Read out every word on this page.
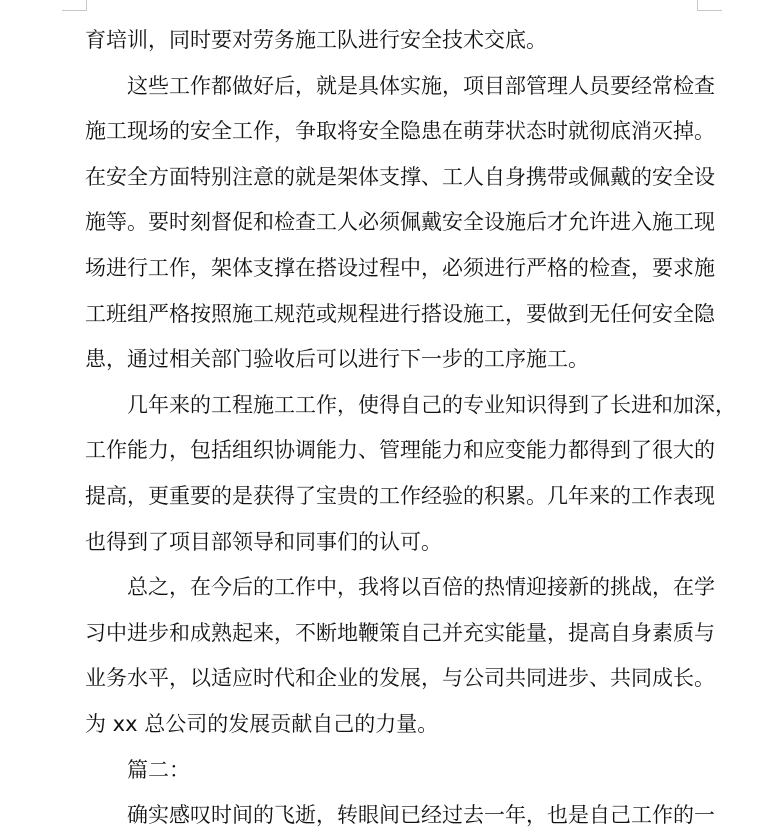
育培训，同时要对劳务施工队进行安全技术交底。
这些工作都做好后，就是具体实施，项目部管理人员要经常检查
施工现场的安全工作，争取将安全隐患在萌芽状态时就彻底消灭掉。
在安全方面特别注意的就是架体支撑、工人自身携带或佩戴的安全设
施等。要时刻督促和检查工人必须佩戴安全设施后才允许进入施工现
场进行工作，架体支撑在搭设过程中，必须进行严格的检查，要求施
工班组严格按照施工规范或规程进行搭设施工，要做到无任何安全隐
患，通过相关部门验收后可以进行下一步的工序施工。
几年来的工程施工工作，使得自己的专业知识得到了长进和加深，
工作能力，包括组织协调能力、管理能力和应变能力都得到了很大的
提高，更重要的是获得了宝贵的工作经验的积累。几年来的工作表现
也得到了项目部领导和同事们的认可。
总之，在今后的工作中，我将以百倍的热情迎接新的挑战，在学
习中进步和成熟起来，不断地鞭策自己并充实能量，提高自身素质与
业务水平，以适应时代和企业的发展，与公司共同进步、共同成长。
为 xx 总公司的发展贡献自己的力量。
篇二：
确实感叹时间的飞逝，转眼间已经过去一年，也是自己工作的一
